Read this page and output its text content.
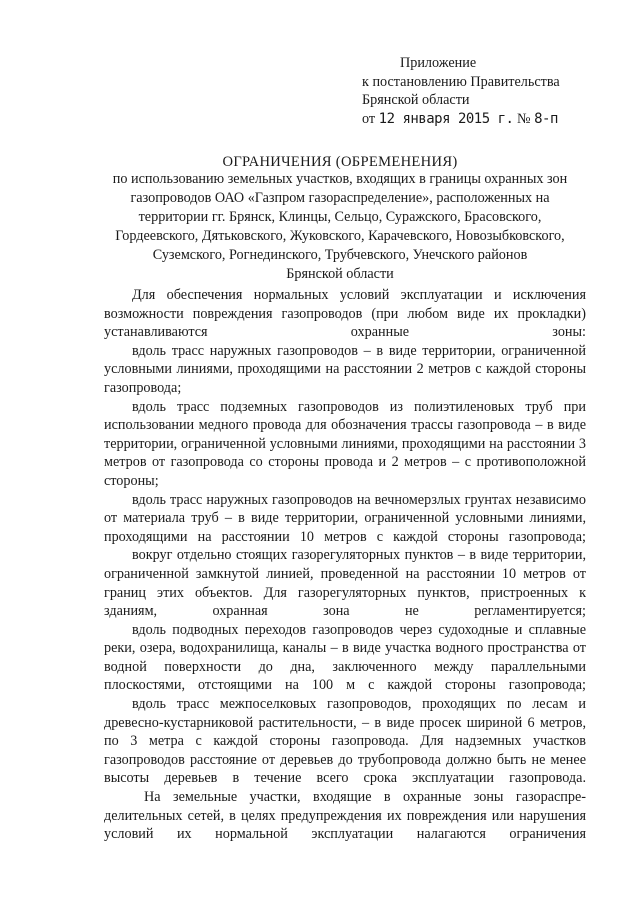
Приложение
к постановлению Правительства
Брянской области
от 12 января 2015 г. № 8-п
ОГРАНИЧЕНИЯ (ОБРЕМЕНЕНИЯ)
по использованию земельных участков, входящих в границы охранных зон
газопроводов ОАО «Газпром газораспределение», расположенных на
территории гг. Брянск, Клинцы, Сельцо, Суражского, Брасовского,
Гордеевского, Дятьковского, Жуковского, Карачевского, Новозыбковского,
Суземского, Рогнединского, Трубчевского, Унечского районов
Брянской области

Для обеспечения нормальных условий эксплуатации и исключения возможности повреждения газопроводов (при любом виде их прокладки) устанавливаются охранные зоны:

вдоль трасс наружных газопроводов – в виде территории, ограниченной условными линиями, проходящими на расстоянии 2 метров с каждой стороны газопровода;

вдоль трасс подземных газопроводов из полиэтиленовых труб при использовании медного провода для обозначения трассы газопровода – в виде территории, ограниченной условными линиями, проходящими на расстоянии 3 метров от газопровода со стороны провода и 2 метров – с противоположной стороны;

вдоль трасс наружных газопроводов на вечномерзлых грунтах независимо от материала труб – в виде территории, ограниченной условными линиями, проходящими на расстоянии 10 метров с каждой стороны газопровода;

вокруг отдельно стоящих газорегуляторных пунктов – в виде территории, ограниченной замкнутой линией, проведенной на расстоянии 10 метров от границ этих объектов. Для газорегуляторных пунктов, пристроенных к зданиям, охранная зона не регламентируется;

вдоль подводных переходов газопроводов через судоходные и сплавные реки, озера, водохранилища, каналы – в виде участка водного пространства от водной поверхности до дна, заключенного между параллельными плоскостями, отстоящими на 100 м с каждой стороны газопровода;

вдоль трасс межпоселковых газопроводов, проходящих по лесам и древесно-кустарниковой растительности, – в виде просек шириной 6 метров, по 3 метра с каждой стороны газопровода. Для надземных участков газопроводов расстояние от деревьев до трубопровода должно быть не менее высоты деревьев в течение всего срока эксплуатации газопровода.

На земельные участки, входящие в охранные зоны газораспре-делительных сетей, в целях предупреждения их повреждения или нарушения условий их нормальной эксплуатации налагаются ограничения
